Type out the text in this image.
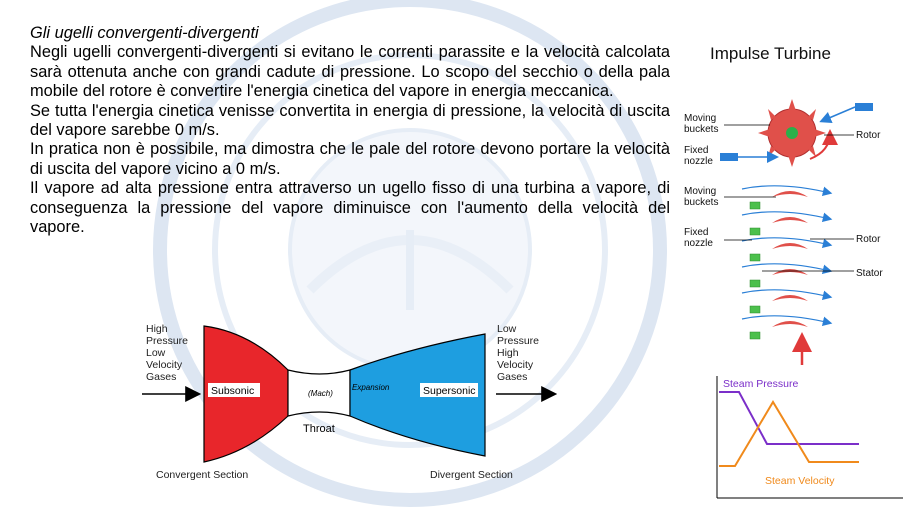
Gli ugelli convergenti-divergenti

Negli ugelli convergenti-divergenti si evitano le correnti parassite e la velocità calcolata sarà ottenuta anche con grandi cadute di pressione. Lo scopo del secchio o della pala mobile del rotore è convertire l'energia cinetica del vapore in energia meccanica.

Se tutta l'energia cinetica venisse convertita in energia di pressione, la velocità di uscita del vapore sarebbe 0 m/s.

In pratica non è possibile, ma dimostra che le pale del rotore devono portare la velocità di uscita del vapore vicino a 0 m/s.

Il vapore ad alta pressione entra attraverso un ugello fisso di una turbina a vapore, di conseguenza la pressione del vapore diminuisce con l'aumento della velocità del vapore.

High
Pressure
Low
Velocity
Gases
Subsonic	(Mach)
Expansion	Supersonic
Throat
Low
Pressure
High
Velocity
Gases
Convergent Section	Divergent Section
Impulse Turbine
Moving
buckets
Fixed
nozzle
Rotor
Moving
buckets
Fixed
nozzle	Rotor
Stator
Steam Pressure
Steam Velocity
